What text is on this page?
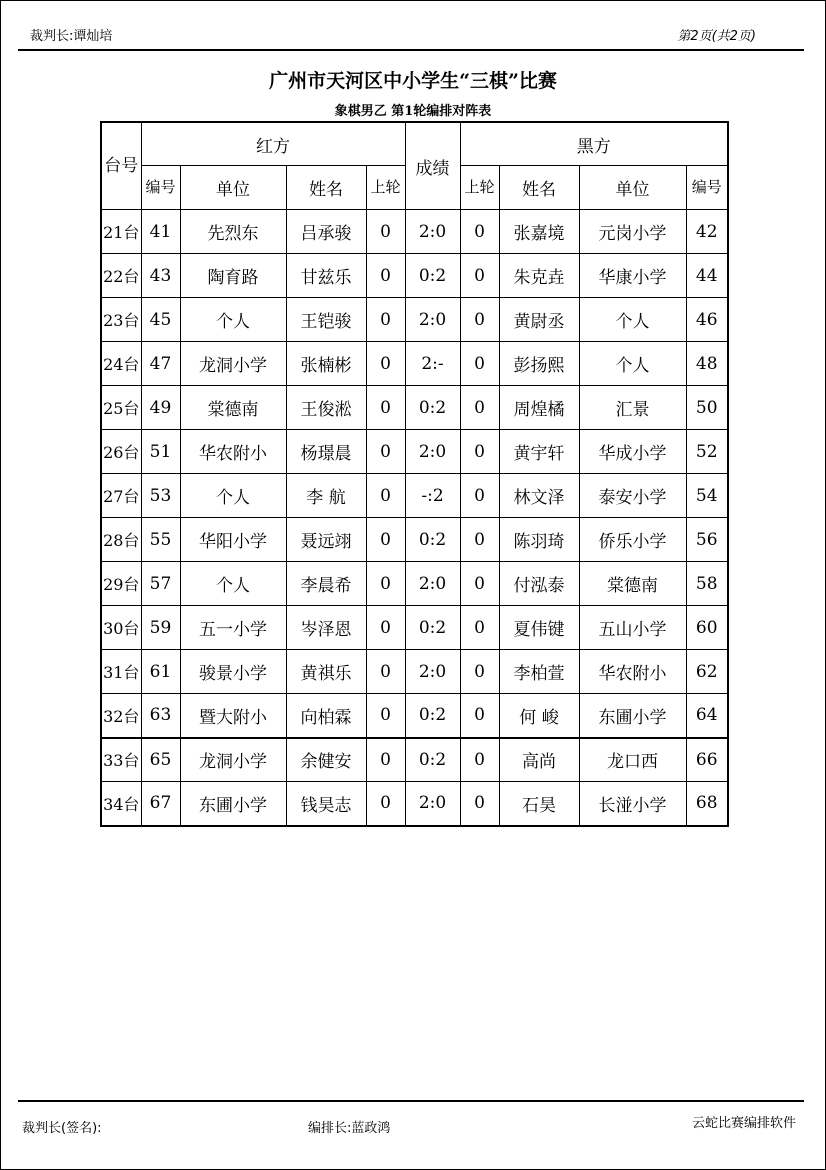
裁判长:谭灿培	第2页(共2页)
广州市天河区中小学生“三棋”比赛
象棋男乙 第1轮编排对阵表
台号	红方				成绩	黑方			
	编号	单位	姓名	上轮		上轮	姓名	单位	编号
21台	41	先烈东	吕承骏	0	2:0	0	张嘉境	元岗小学	42
22台	43	陶育路	甘兹乐	0	0:2	0	朱克垚	华康小学	44
23台	45	个人	王铠骏	0	2:0	0	黄尉丞	个人	46
24台	47	龙洞小学	张楠彬	0	2:-	0	彭扬熙	个人	48
25台	49	棠德南	王俊淞	0	0:2	0	周煌橘	汇景	50
26台	51	华农附小	杨璟晨	0	2:0	0	黄宇轩	华成小学	52
27台	53	个人	李 航	0	-:2	0	林文泽	泰安小学	54
28台	55	华阳小学	聂远翊	0	0:2	0	陈羽琦	侨乐小学	56
29台	57	个人	李晨希	0	2:0	0	付泓泰	棠德南	58
30台	59	五一小学	岑泽恩	0	0:2	0	夏伟键	五山小学	60
31台	61	骏景小学	黄祺乐	0	2:0	0	李柏萱	华农附小	62
32台	63	暨大附小	向柏霖	0	0:2	0	何 峻	东圃小学	64
33台	65	龙洞小学	余健安	0	0:2	0	高尚	龙口西	66
34台	67	东圃小学	钱昊志	0	2:0	0	石昊	长湴小学	68
裁判长(签名):	编排长:蓝政鸿	云蛇比赛编排软件
